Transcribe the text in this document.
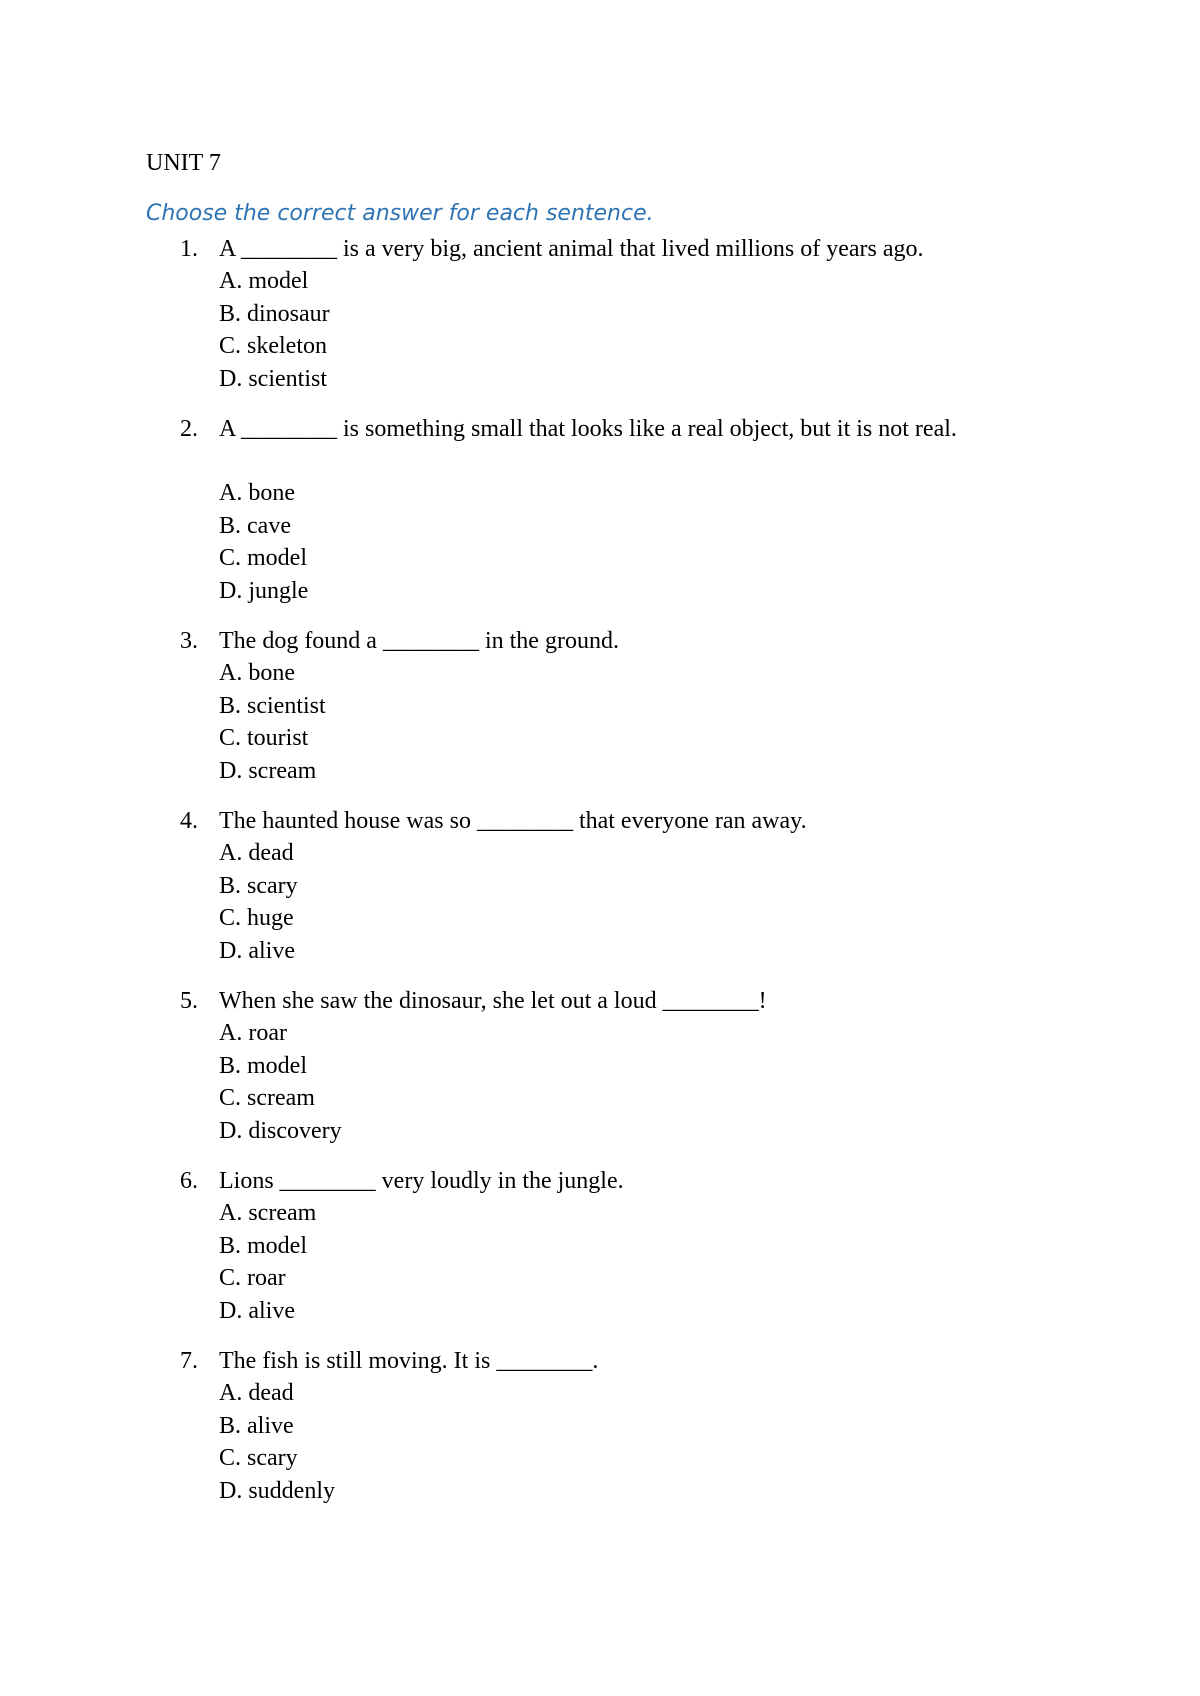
UNIT 7
Choose the correct answer for each sentence.
1. A ________ is a very big, ancient animal that lived millions of years ago.
A. model
B. dinosaur
C. skeleton
D. scientist
2. A ________ is something small that looks like a real object, but it is not real.
A. bone
B. cave
C. model
D. jungle
3. The dog found a ________ in the ground.
A. bone
B. scientist
C. tourist
D. scream
4. The haunted house was so ________ that everyone ran away.
A. dead
B. scary
C. huge
D. alive
5. When she saw the dinosaur, she let out a loud ________!
A. roar
B. model
C. scream
D. discovery
6. Lions ________ very loudly in the jungle.
A. scream
B. model
C. roar
D. alive
7. The fish is still moving. It is ________.
A. dead
B. alive
C. scary
D. suddenly
